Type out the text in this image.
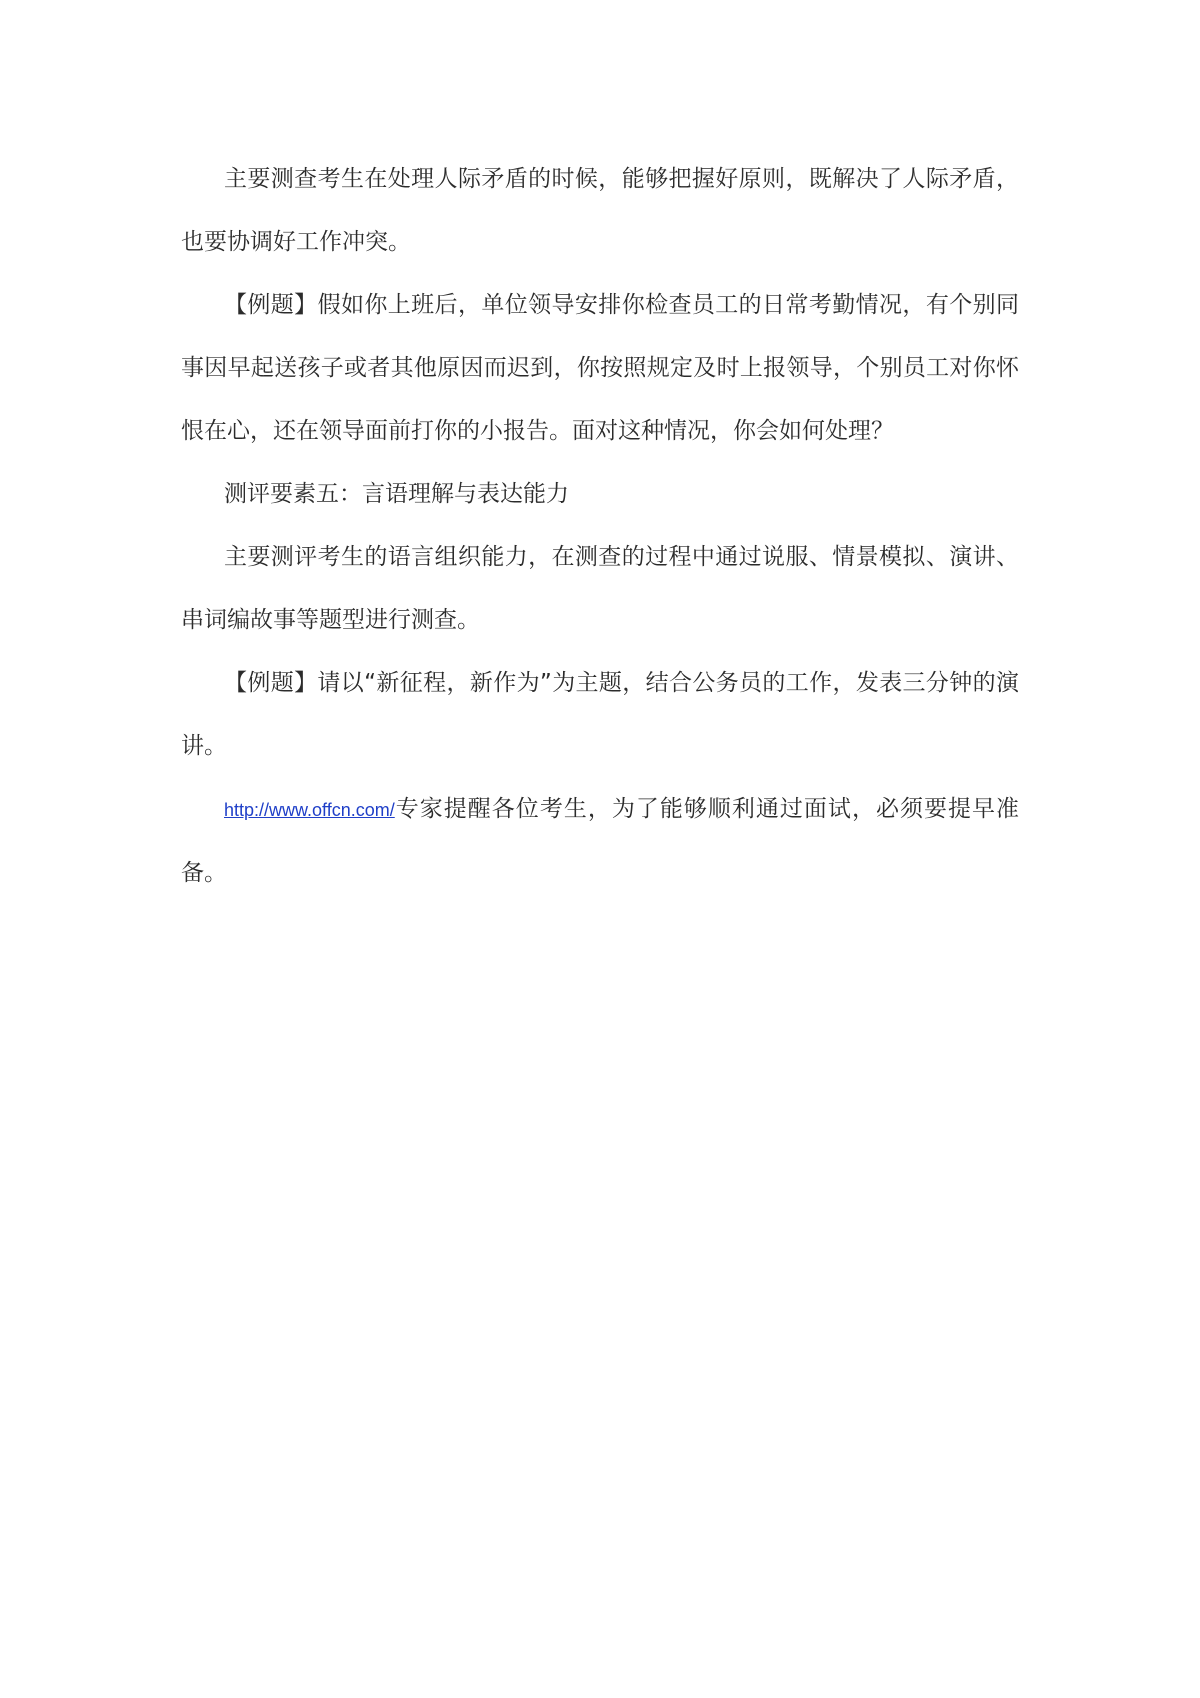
主要测查考生在处理人际矛盾的时候，能够把握好原则，既解决了人际矛盾，也要协调好工作冲突。

【例题】假如你上班后，单位领导安排你检查员工的日常考勤情况，有个别同事因早起送孩子或者其他原因而迟到，你按照规定及时上报领导，个别员工对你怀恨在心，还在领导面前打你的小报告。面对这种情况，你会如何处理？

测评要素五：言语理解与表达能力

主要测评考生的语言组织能力，在测查的过程中通过说服、情景模拟、演讲、串词编故事等题型进行测查。

【例题】请以“新征程，新作为”为主题，结合公务员的工作，发表三分钟的演讲。

http://www.offcn.com/专家提醒各位考生，为了能够顺利通过面试，必须要提早准备。
